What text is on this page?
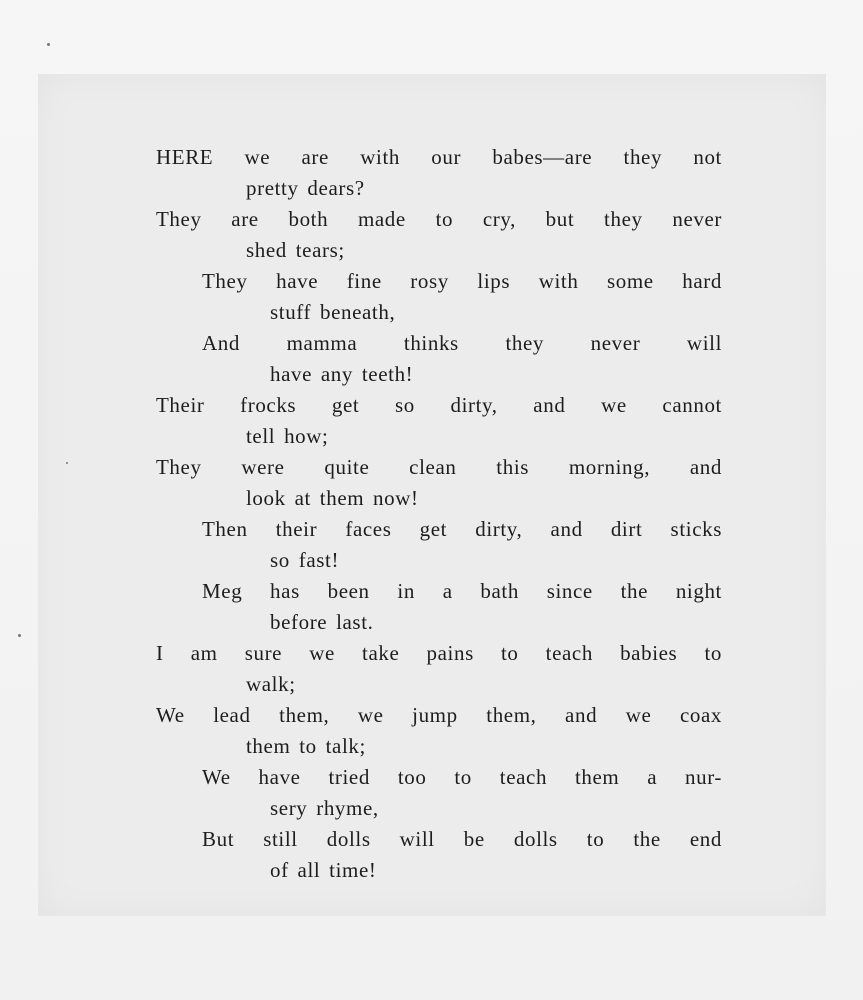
HERE we are with our babes—are they not
pretty dears?
They are both made to cry, but they never
shed tears;
They have fine rosy lips with some hard
stuff beneath,
And mamma thinks they never will
have any teeth!
Their frocks get so dirty, and we cannot
tell how;
They were quite clean this morning, and
look at them now!
Then their faces get dirty, and dirt sticks
so fast!
Meg has been in a bath since the night
before last.
I am sure we take pains to teach babies to
walk;
We lead them, we jump them, and we coax
them to talk;
We have tried too to teach them a nur-
sery rhyme,
But still dolls will be dolls to the end
of all time!
